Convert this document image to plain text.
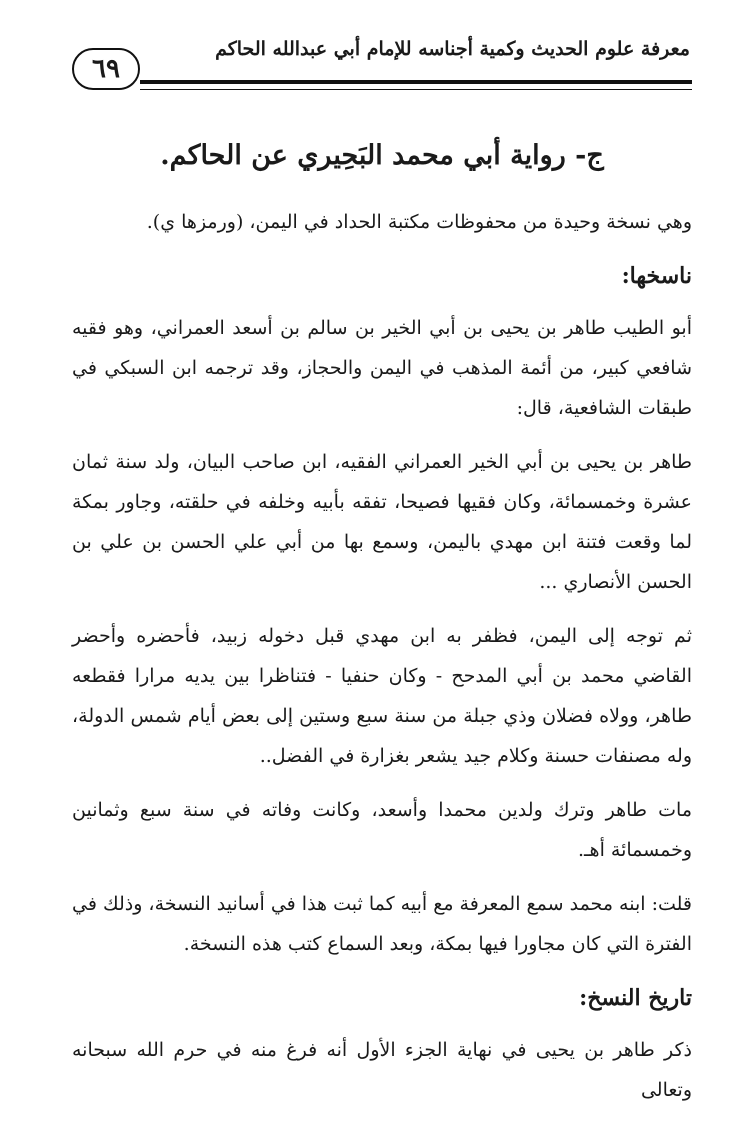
معرفة علوم الحديث وكمية أجناسه للإمام أبي عبدالله الحاكم
٦٩
ج- رواية أبي محمد البَحِيري عن الحاكم.

وهي نسخة وحيدة من محفوظات مكتبة الحداد في اليمن، (ورمزها ي).

ناسخها:

أبو الطيب طاهر بن يحيى بن أبي الخير بن سالم بن أسعد العمراني، وهو فقيه شافعي كبير، من أئمة المذهب في اليمن والحجاز، وقد ترجمه ابن السبكي في طبقات الشافعية، قال:

طاهر بن يحيى بن أبي الخير العمراني الفقيه، ابن صاحب البيان، ولد سنة ثمان عشرة وخمسمائة، وكان فقيها فصيحا، تفقه بأبيه وخلفه في حلقته، وجاور بمكة لما وقعت فتنة ابن مهدي باليمن، وسمع بها من أبي علي الحسن بن علي بن الحسن الأنصاري ...

ثم توجه إلى اليمن، فظفر به ابن مهدي قبل دخوله زبيد، فأحضره وأحضر القاضي محمد بن أبي المدحح - وكان حنفيا - فتناظرا بين يديه مرارا فقطعه طاهر، وولاه فضلان وذي جبلة من سنة سبع وستين إلى بعض أيام شمس الدولة، وله مصنفات حسنة وكلام جيد يشعر بغزارة في الفضل..

مات طاهر وترك ولدين محمدا وأسعد، وكانت وفاته في سنة سبع وثمانين وخمسمائة أهـ.

قلت: ابنه محمد سمع المعرفة مع أبيه كما ثبت هذا في أسانيد النسخة، وذلك في الفترة التي كان مجاورا فيها بمكة، وبعد السماع كتب هذه النسخة.

تاريخ النسخ:

ذكر طاهر بن يحيى في نهاية الجزء الأول أنه فرغ منه في حرم الله سبحانه وتعالى
